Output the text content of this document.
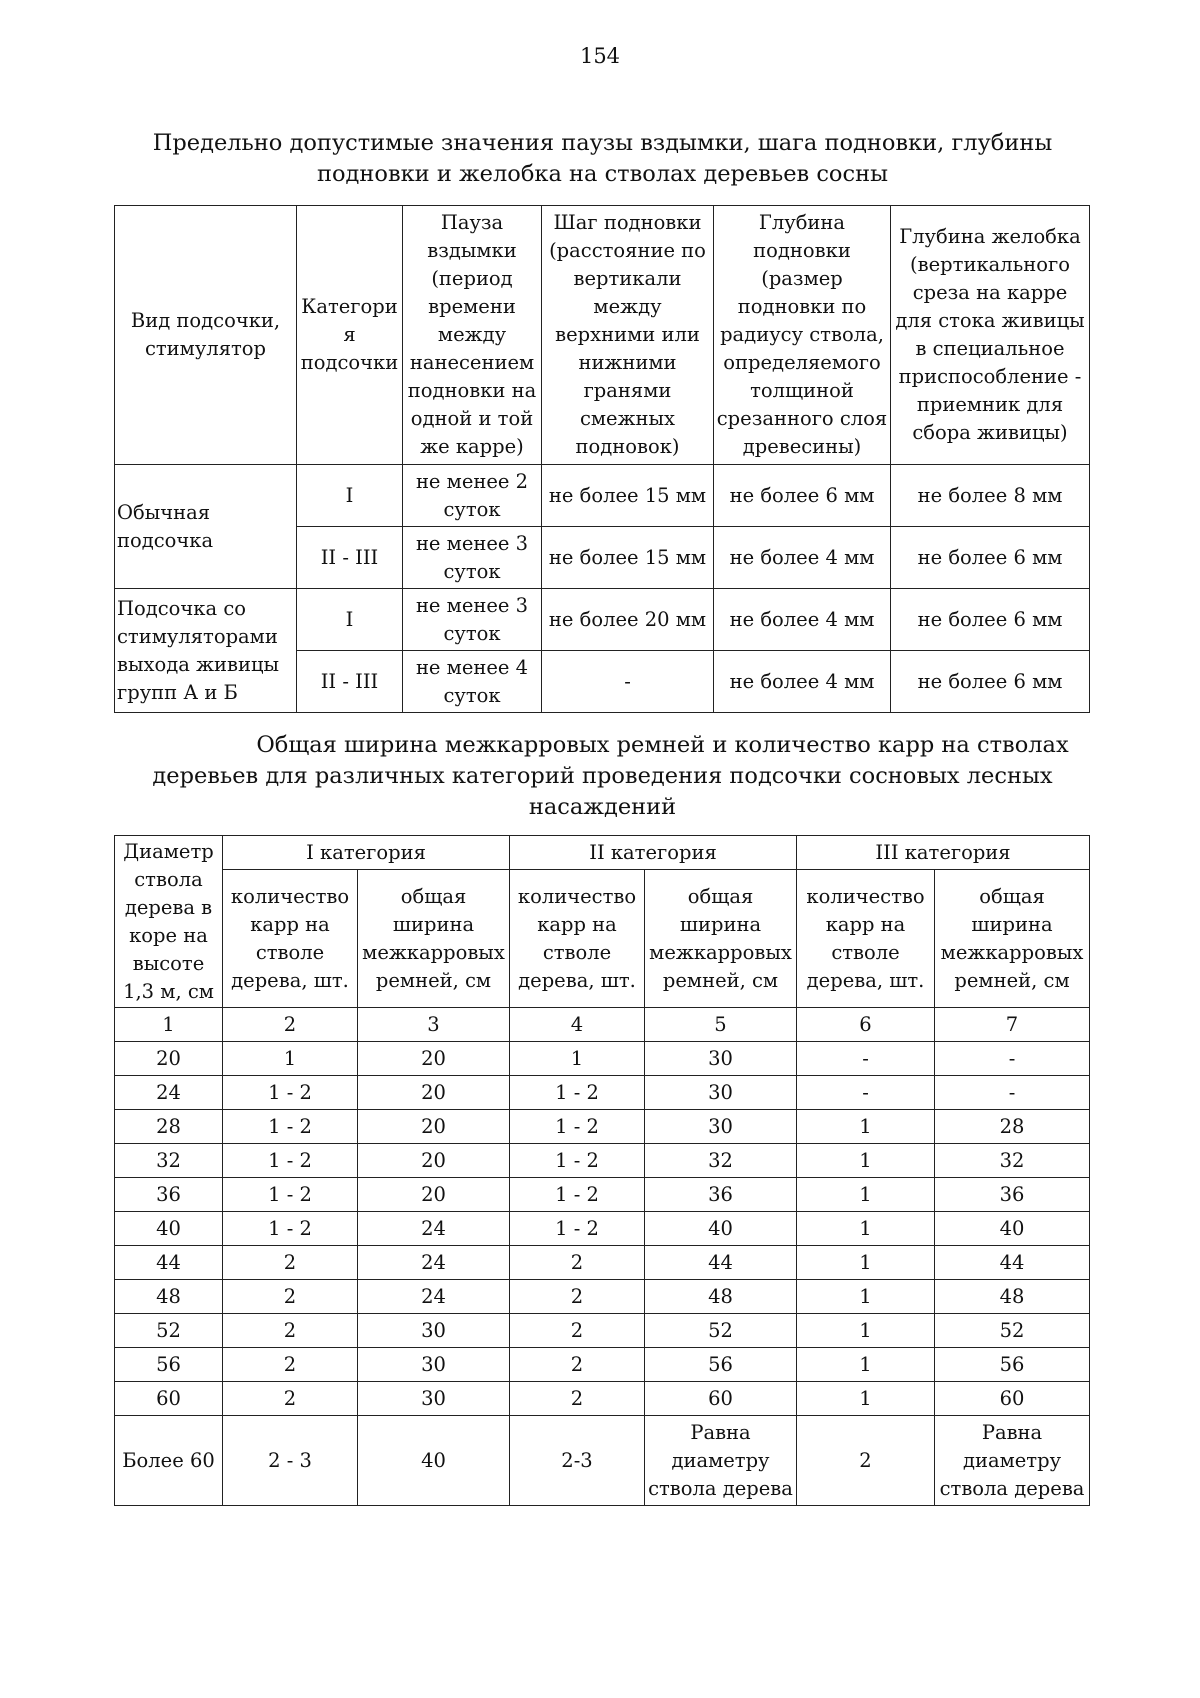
154
Предельно допустимые значения паузы вздымки, шага подновки, глубины подновки и желобка на стволах деревьев сосны
Вид подсочки, стимулятор	Категори я подсочки	Пауза вздымки (период времени между нанесением подновки на одной и той же карре)	Шаг подновки (расстояние по вертикали между верхними или нижними гранями смежных подновок)	Глубина подновки (размер подновки по радиусу ствола, определяемого толщиной срезанного слоя древесины)	Глубина желобка (вертикального среза на карре для стока живицы в специальное приспособление - приемник для сбора живицы)
Обычная подсочка	I	не менее 2 суток	не более 15 мм	не более 6 мм	не более 8 мм
	II - III	не менее 3 суток	не более 15 мм	не более 4 мм	не более 6 мм
Подсочка со стимуляторами выхода живицы групп А и Б	I	не менее 3 суток	не более 20 мм	не более 4 мм	не более 6 мм
	II - III	не менее 4 суток	-	не более 4 мм	не более 6 мм
Общая ширина межкарровых ремней и количество карр на стволах
деревьев для различных категорий проведения подсочки сосновых лесных
насаждений
Диаметр ствола дерева в коре на высоте 1,3 м, см	I категория		II категория		III категория	
	количество карр на стволе дерева, шт.	общая ширина межкарровых ремней, см	количество карр на стволе дерева, шт.	общая ширина межкарровых ремней, см	количество карр на стволе дерева, шт.	общая ширина межкарровых ремней, см
1	2	3	4	5	6	7
20	1	20	1	30	-	-
24	1 - 2	20	1 - 2	30	-	-
28	1 - 2	20	1 - 2	30	1	28
32	1 - 2	20	1 - 2	32	1	32
36	1 - 2	20	1 - 2	36	1	36
40	1 - 2	24	1 - 2	40	1	40
44	2	24	2	44	1	44
48	2	24	2	48	1	48
52	2	30	2	52	1	52
56	2	30	2	56	1	56
60	2	30	2	60	1	60
Более 60	2 - 3	40	2-3	Равна диаметру ствола дерева	2	Равна диаметру ствола дерева
